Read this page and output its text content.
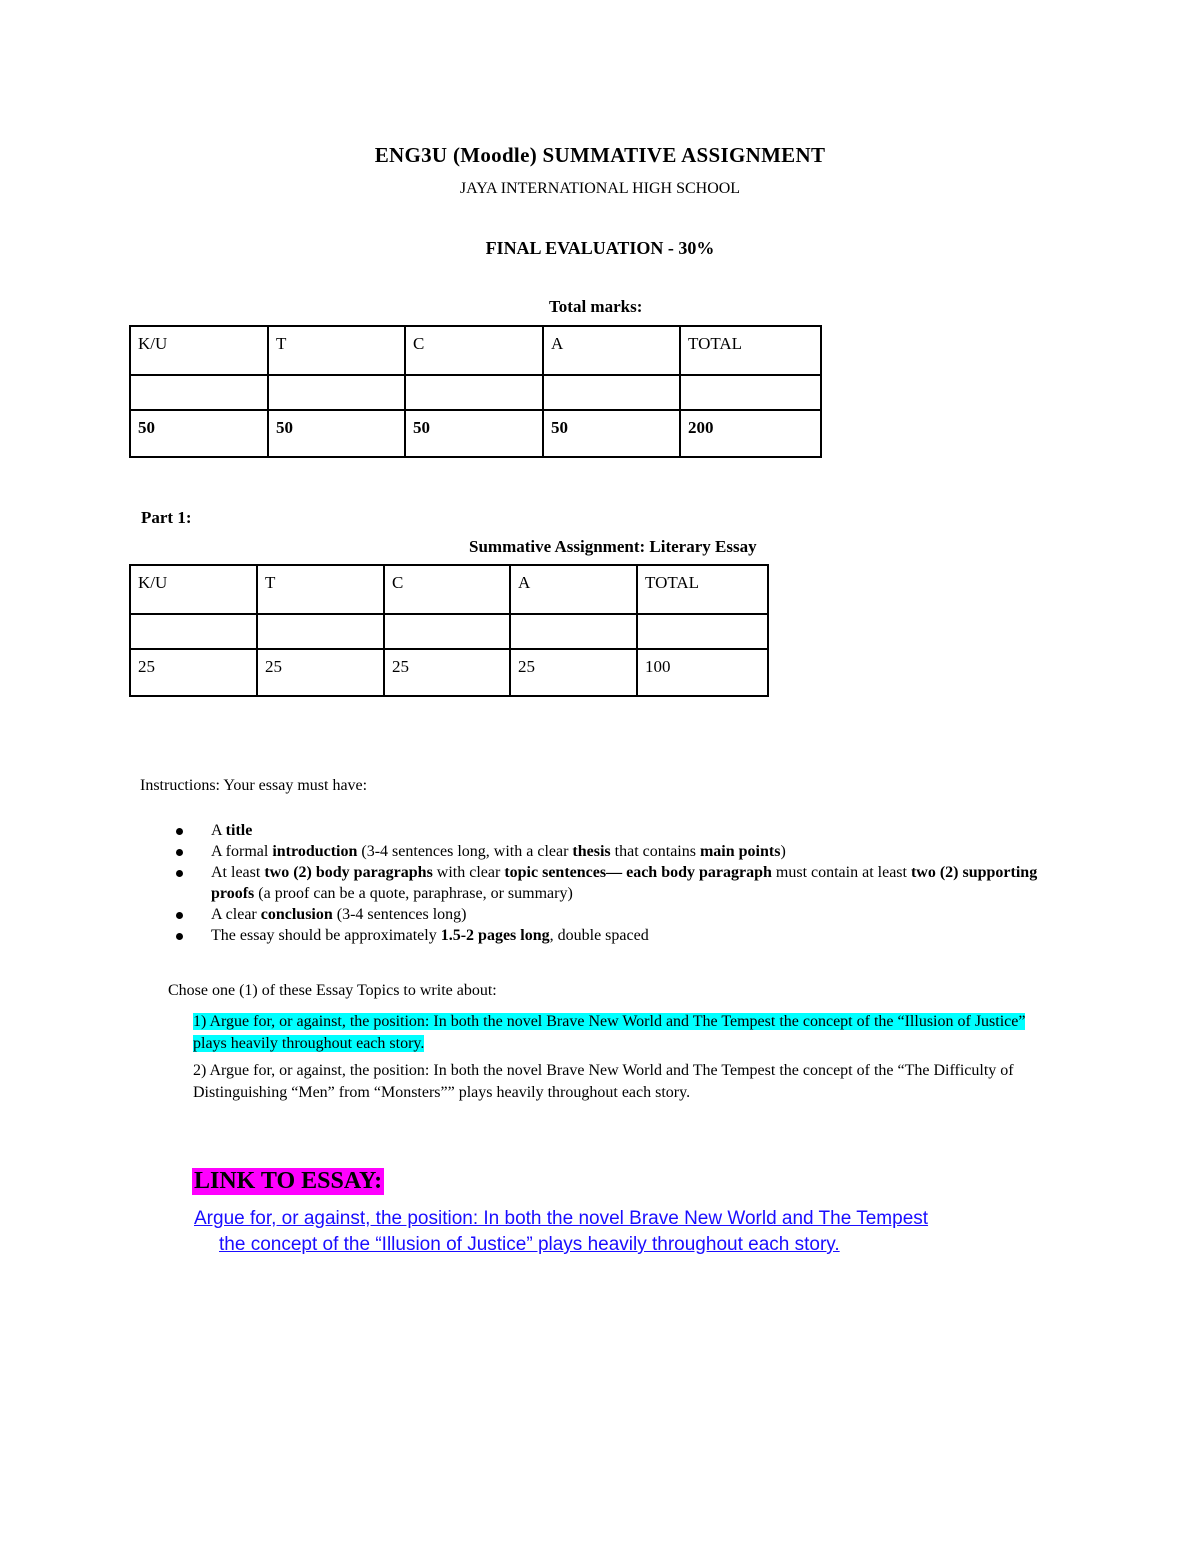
ENG3U (Moodle) SUMMATIVE ASSIGNMENT
JAYA INTERNATIONAL HIGH SCHOOL
FINAL EVALUATION - 30%
Total marks:
K/U	T	C	A	TOTAL

50	50	50	50	200
Part 1:
Summative Assignment: Literary Essay
K/U	T	C	A	TOTAL

25	25	25	25	100
Instructions: Your essay must have:
A title
A formal introduction (3-4 sentences long, with a clear thesis that contains main points)
At least two (2) body paragraphs with clear topic sentences— each body paragraph must contain at least two (2) supporting proofs (a proof can be a quote, paraphrase, or summary)
A clear conclusion (3-4 sentences long)
The essay should be approximately 1.5-2 pages long, double spaced
Chose one (1) of these Essay Topics to write about:
1) Argue for, or against, the position: In both the novel Brave New World and The Tempest the concept of the “Illusion of Justice” plays heavily throughout each story.
2) Argue for, or against, the position: In both the novel Brave New World and The Tempest the concept of the “The Difficulty of Distinguishing “Men” from “Monsters”” plays heavily throughout each story.
LINK TO ESSAY:
Argue for, or against, the position: In both the novel Brave New World and The Tempest
the concept of the “Illusion of Justice” plays heavily throughout each story.
